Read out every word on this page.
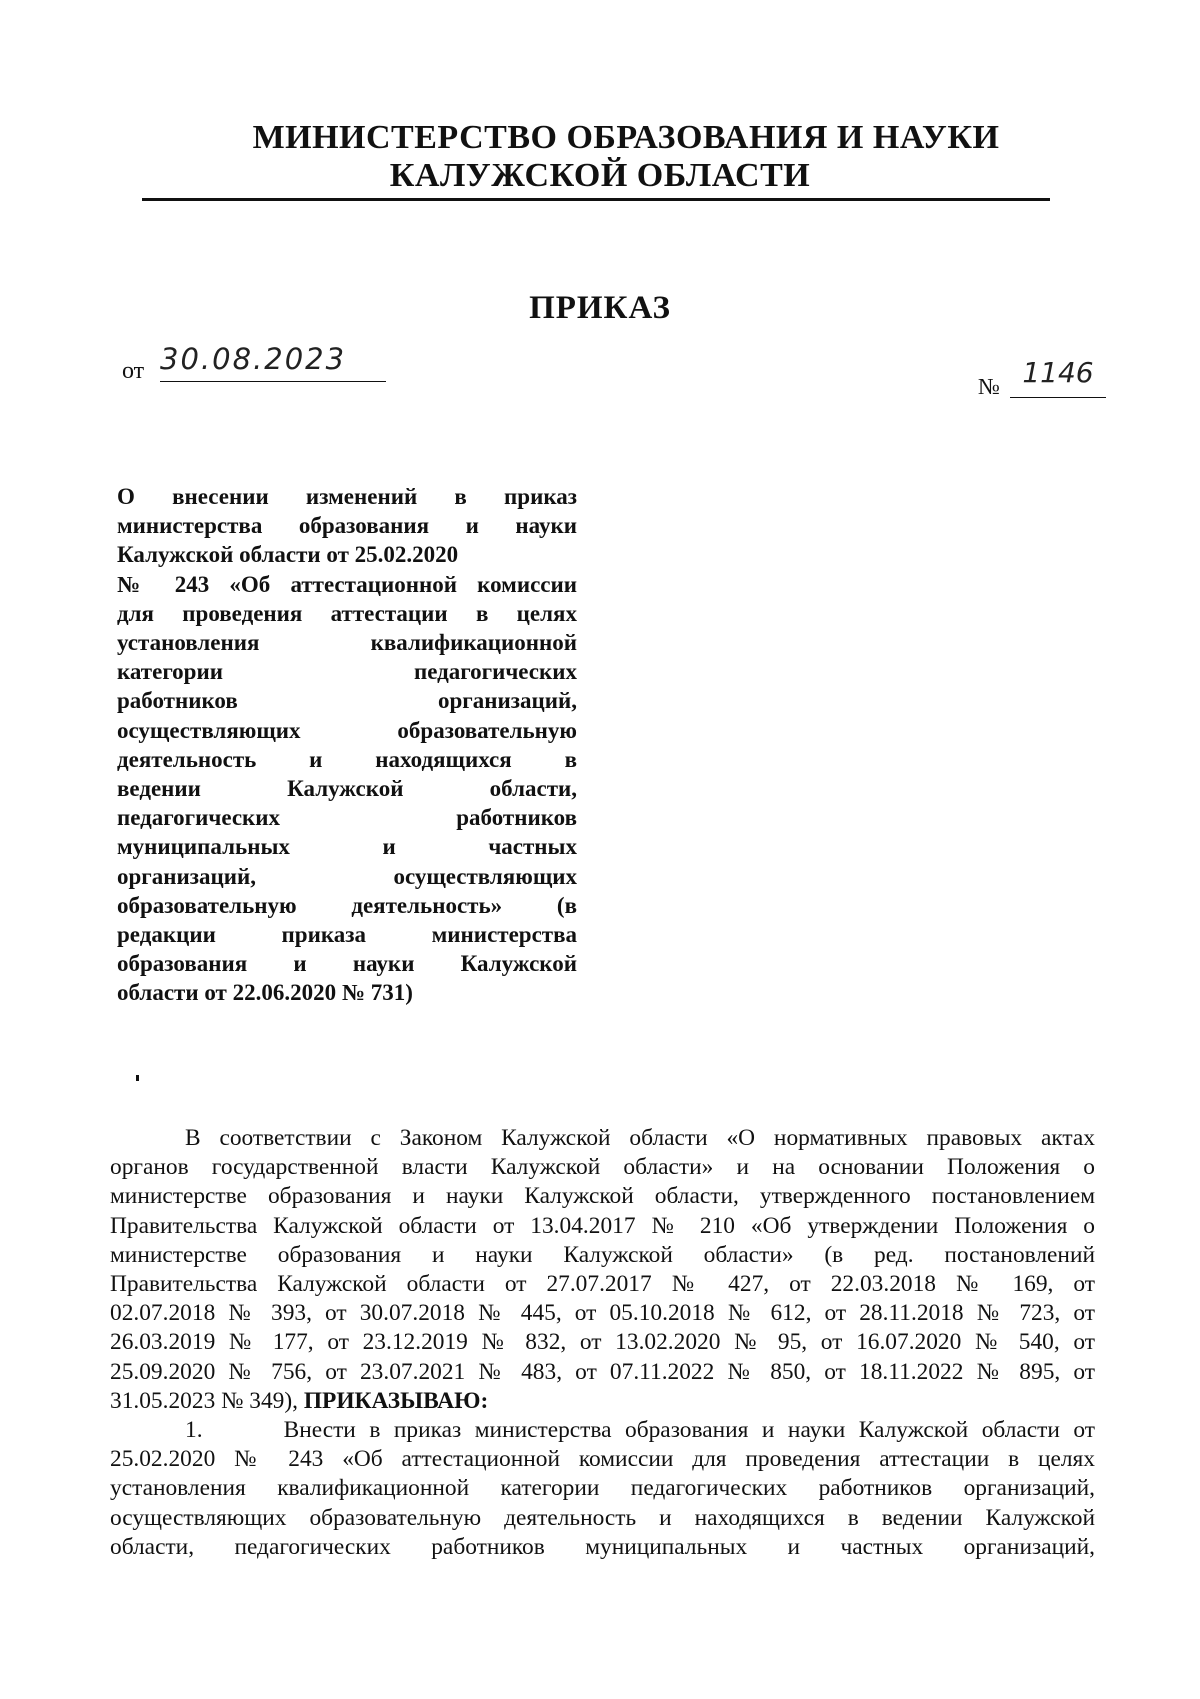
МИНИСТЕРСТВО ОБРАЗОВАНИЯ И НАУКИ
КАЛУЖСКОЙ ОБЛАСТИ
ПРИКАЗ
от 30.08.2023
№ 1146
О внесении изменений в приказ
министерства образования и науки
Калужской области от 25.02.2020
№ 243 «Об аттестационной комиссии
для проведения аттестации в целях
установления квалификационной
категории педагогических
работников организаций,
осуществляющих образовательную
деятельность и находящихся в
ведении Калужской области,
педагогических работников
муниципальных и частных
организаций, осуществляющих
образовательную деятельность» (в
редакции приказа министерства
образования и науки Калужской
области от 22.06.2020 № 731)
В соответствии с Законом Калужской области «О нормативных правовых актах
органов государственной власти Калужской области» и на основании Положения о
министерстве образования и науки Калужской области, утвержденного постановлением
Правительства Калужской области от 13.04.2017 № 210 «Об утверждении Положения о
министерстве образования и науки Калужской области» (в ред. постановлений
Правительства Калужской области от 27.07.2017 № 427, от 22.03.2018 № 169, от
02.07.2018 № 393, от 30.07.2018 № 445, от 05.10.2018 № 612, от 28.11.2018 № 723, от
26.03.2019 № 177, от 23.12.2019 № 832, от 13.02.2020 № 95, от 16.07.2020 № 540, от
25.09.2020 № 756, от 23.07.2021 № 483, от 07.11.2022 № 850, от 18.11.2022 № 895, от
31.05.2023 № 349), ПРИКАЗЫВАЮ:
1.	Внести в приказ министерства образования и науки Калужской области от
25.02.2020 № 243 «Об аттестационной комиссии для проведения аттестации в целях
установления квалификационной категории педагогических работников организаций,
осуществляющих образовательную деятельность и находящихся в ведении Калужской
области, педагогических работников муниципальных и частных организаций,
